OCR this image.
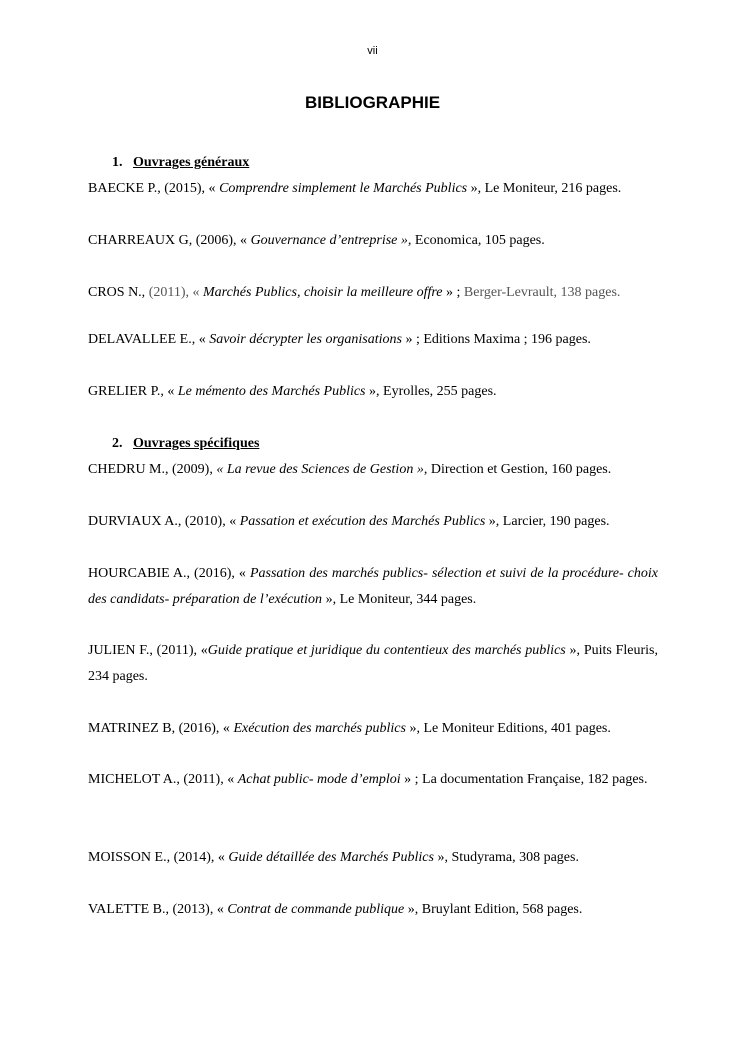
vii
BIBLIOGRAPHIE
1. Ouvrages généraux

BAECKE P., (2015), « Comprendre simplement le Marchés Publics », Le Moniteur, 216 pages.

CHARREAUX G, (2006), « Gouvernance d’entreprise », Economica, 105 pages.

CROS N., (2011), « Marchés Publics, choisir la meilleure offre » ; Berger-Levrault, 138 pages.

DELAVALLEE E., « Savoir décrypter les organisations » ; Editions Maxima ; 196 pages.

GRELIER P., « Le mémento des Marchés Publics », Eyrolles, 255 pages.

2. Ouvrages spécifiques

CHEDRU M., (2009), « La revue des Sciences de Gestion », Direction et Gestion, 160 pages.

DURVIAUX A., (2010), « Passation et exécution des Marchés Publics », Larcier, 190 pages.

HOURCABIE A., (2016), « Passation des marchés publics- sélection et suivi de la procédure- choix des candidats- préparation de l’exécution », Le Moniteur, 344 pages.

JULIEN F., (2011), «Guide pratique et juridique du contentieux des marchés publics », Puits Fleuris, 234 pages.

MATRINEZ B, (2016), « Exécution des marchés publics », Le Moniteur Editions, 401 pages.

MICHELOT A., (2011), « Achat public- mode d’emploi » ; La documentation Française, 182 pages.

MOISSON E., (2014), « Guide détaillée des Marchés Publics », Studyrama, 308 pages.

VALETTE B., (2013), « Contrat de commande publique », Bruylant Edition, 568 pages.
